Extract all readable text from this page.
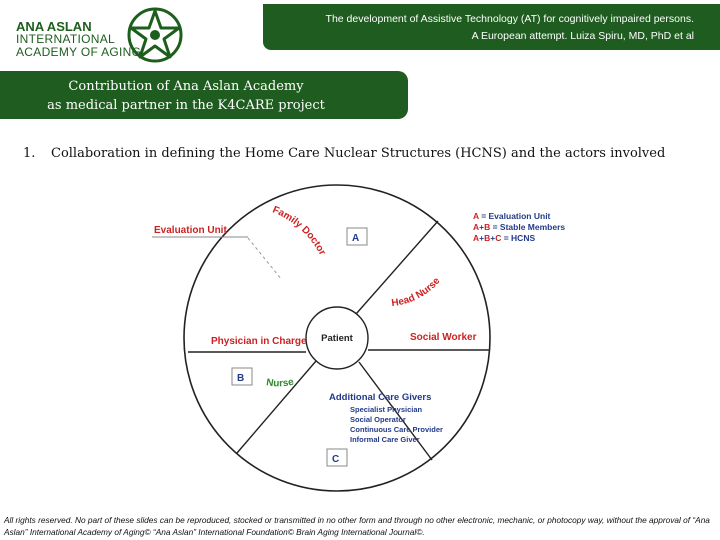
ANA ASLAN
INTERNATIONAL
ACADEMY OF AGING
The development of Assistive Technology (AT) for cognitively impaired persons.
A European attempt. Luiza Spiru, MD, PhD et al
Contribution of Ana Aslan Academy
as medical partner in the K4CARE project
1. Collaboration in defining the Home Care Nuclear Structures (HCNS) and the actors involved
Evaluation Unit
Family Doctor
Head Nurse
A
A = Evaluation Unit
A+B = Stable Members
A+B+C = HCNS
Physician in Charge Patient	Social Worker
B Nurse
Additional Care Givers
Specialist Physician
Social Operator
Continuous Care Provider
Informal Care Giver
C
All rights reserved. No part of these slides can be reproduced, stocked or transmitted in no other form and through no other electronic, mechanic, or photocopy way, without the approval of “Ana Aslan” International Academy of Aging© “Ana Aslan” International Foundation© Brain Aging International Journal©.
